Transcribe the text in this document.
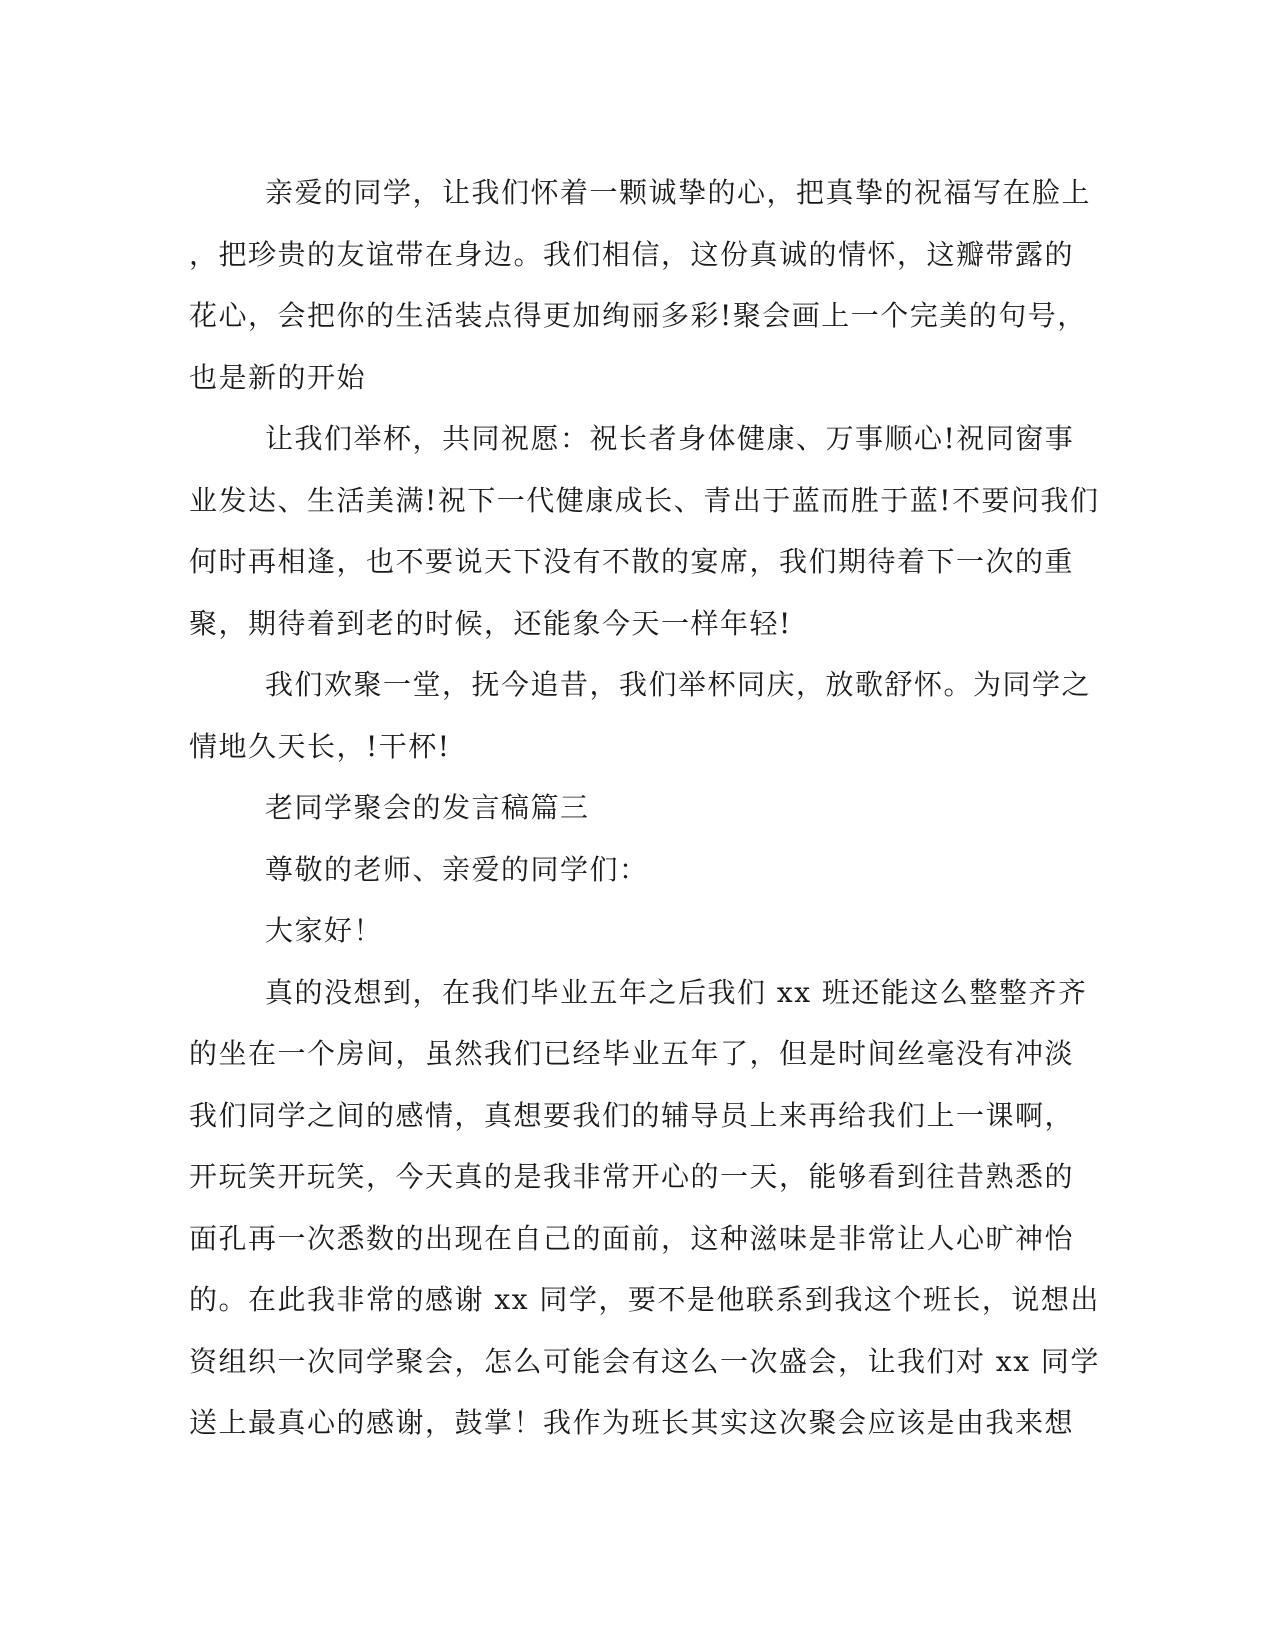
亲爱的同学，让我们怀着一颗诚挚的心，把真挚的祝福写在脸上
，把珍贵的友谊带在身边。我们相信，这份真诚的情怀，这瓣带露的
花心，会把你的生活装点得更加绚丽多彩!聚会画上一个完美的句号，
也是新的开始
让我们举杯，共同祝愿：祝长者身体健康、万事顺心!祝同窗事
业发达、生活美满!祝下一代健康成长、青出于蓝而胜于蓝!不要问我们
何时再相逢，也不要说天下没有不散的宴席，我们期待着下一次的重
聚，期待着到老的时候，还能象今天一样年轻!
我们欢聚一堂，抚今追昔，我们举杯同庆，放歌舒怀。为同学之
情地久天长，!干杯!
老同学聚会的发言稿篇三
尊敬的老师、亲爱的同学们：
大家好！
真的没想到，在我们毕业五年之后我们 xx 班还能这么整整齐齐
的坐在一个房间，虽然我们已经毕业五年了，但是时间丝毫没有冲淡
我们同学之间的感情，真想要我们的辅导员上来再给我们上一课啊，
开玩笑开玩笑，今天真的是我非常开心的一天，能够看到往昔熟悉的
面孔再一次悉数的出现在自己的面前，这种滋味是非常让人心旷神怡
的。在此我非常的感谢 xx 同学，要不是他联系到我这个班长，说想出
资组织一次同学聚会，怎么可能会有这么一次盛会，让我们对 xx 同学
送上最真心的感谢，鼓掌！我作为班长其实这次聚会应该是由我来想
